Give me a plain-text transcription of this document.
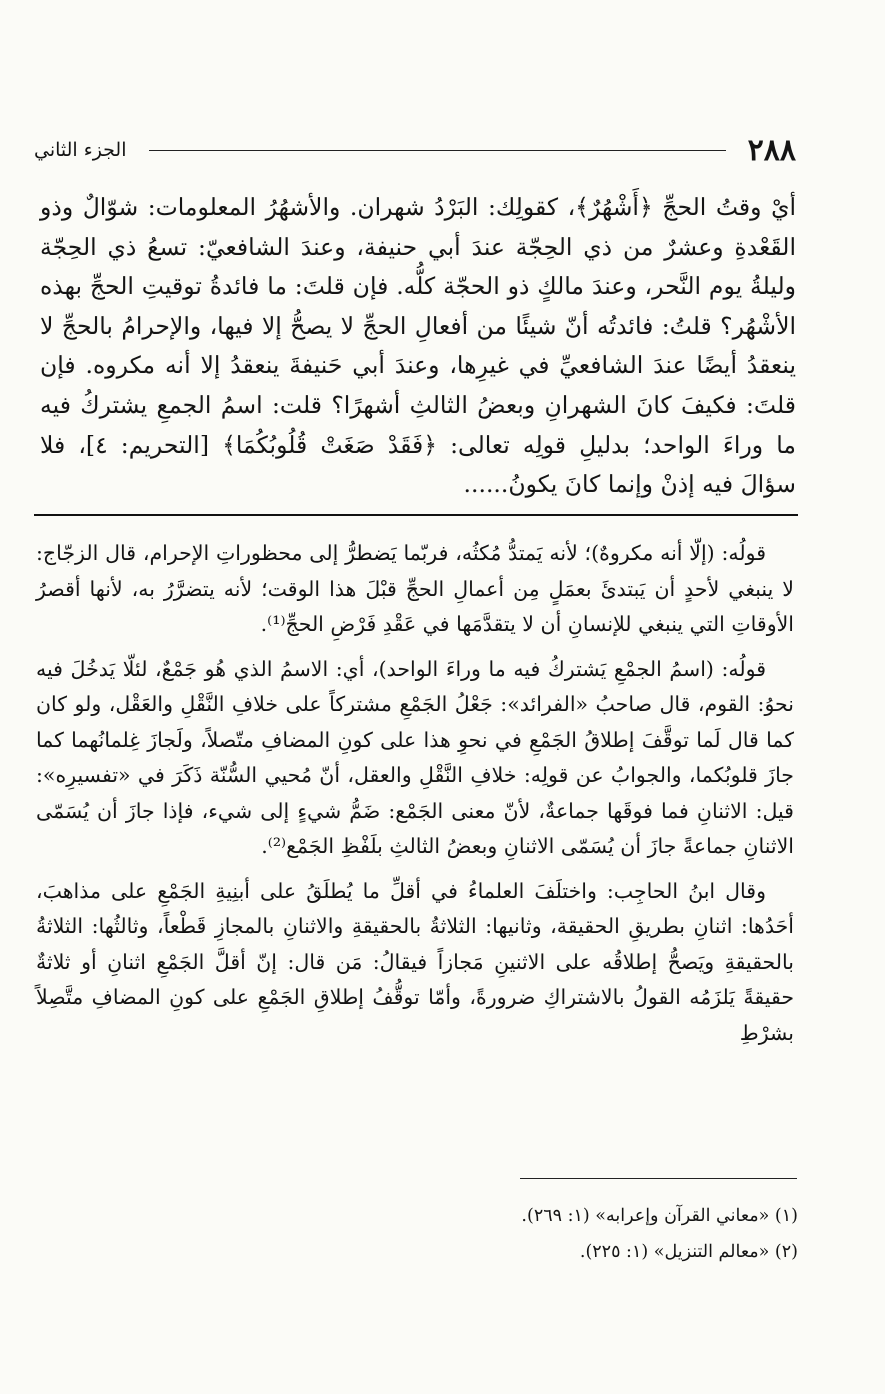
٢٨٨
الجزء الثاني

أيْ وقتُ الحجِّ ﴿أَشْهُرٌ﴾، كقولِك: البَرْدُ شهران. والأشهُرُ المعلومات: شوّالٌ وذو القَعْدةِ وعشرٌ من ذي الحِجّة عندَ أبي حنيفة، وعندَ الشافعيّ: تسعُ ذي الحِجّة وليلةُ يوم النَّحر، وعندَ مالكٍ ذو الحجّة كلُّه. فإن قلتَ: ما فائدةُ توقيتِ الحجِّ بهذه الأشْهُر؟ قلتُ: فائدتُه أنّ شيئًا من أفعالِ الحجِّ لا يصحُّ إلا فيها، والإحرامُ بالحجِّ لا ينعقدُ أيضًا عندَ الشافعيِّ في غيرِها، وعندَ أبي حَنيفةَ ينعقدُ إلا أنه مكروه. فإن قلتَ: فكيفَ كانَ الشهرانِ وبعضُ الثالثِ أشهرًا؟ قلت: اسمُ الجمعِ يشتركُ فيه ما وراءَ الواحد؛ بدليلِ قولِه تعالى: ﴿فَقَدْ صَغَتْ قُلُوبُكُمَا﴾ [التحريم: ٤]، فلا سؤالَ فيه إذنْ وإنما كانَ يكونُ......

قولُه: (إلّا أنه مكروهٌ)؛ لأنه يَمتدُّ مُكثُه، فربّما يَضطرُّ إلى محظوراتِ الإحرام، قال الزجّاج: لا ينبغي لأحدٍ أن يَبتدئَ بعمَلٍ مِن أعمالِ الحجِّ قبْلَ هذا الوقت؛ لأنه يتضرَّرُ به، لأنها أقصرُ الأوقاتِ التي ينبغي للإنسانِ أن لا يتقدَّمَها في عَقْدِ فَرْضِ الحجِّ⁽¹⁾.

قولُه: (اسمُ الجمْعِ يَشتركُ فيه ما وراءَ الواحد)، أي: الاسمُ الذي هُو جَمْعٌ، لئلّا يَدخُلَ فيه نحوُ: القوم، قال صاحبُ «الفرائد»: جَعْلُ الجَمْعِ مشتركاً على خلافِ النَّقْلِ والعَقْل، ولو كان كما قال لَما توقَّفَ إطلاقُ الجَمْعِ في نحوِ هذا على كونِ المضافِ متّصلاً، ولَجازَ غِلمانُهما كما جازَ قلوبُكما، والجوابُ عن قولِه: خلافِ النَّقْلِ والعقل، أنّ مُحيي السُّنّة ذَكَرَ في «تفسيرِه»: قيل: الاثنانِ فما فوقَها جماعةٌ، لأنّ معنى الجَمْع: ضَمُّ شيءٍ إلى شيء، فإذا جازَ أن يُسَمّى الاثنانِ جماعةً جازَ أن يُسَمّى الاثنانِ وبعضُ الثالثِ بلَفْظِ الجَمْع⁽²⁾.

وقال ابنُ الحاجِب: واختلَفَ العلماءُ في أقلِّ ما يُطلَقُ على أبنِيةِ الجَمْعِ على مذاهبَ، أحَدُها: اثنانِ بطريقِ الحقيقة، وثانيها: الثلاثةُ بالحقيقةِ والاثنانِ بالمجازِ قَطْعاً، وثالثُها: الثلاثةُ بالحقيقةِ ويَصحُّ إطلاقُه على الاثنينِ مَجازاً فيقالُ: مَن قال: إنّ أقلَّ الجَمْعِ اثنانِ أو ثلاثةٌ حقيقةً يَلزَمُه القولُ بالاشتراكِ ضرورةً، وأمّا توقُّفُ إطلاقِ الجَمْعِ على كونِ المضافِ متَّصِلاً بشرْطِ

(١) «معاني القرآن وإعرابه» (١: ٢٦٩).
(٢) «معالم التنزيل» (١: ٢٢٥).
